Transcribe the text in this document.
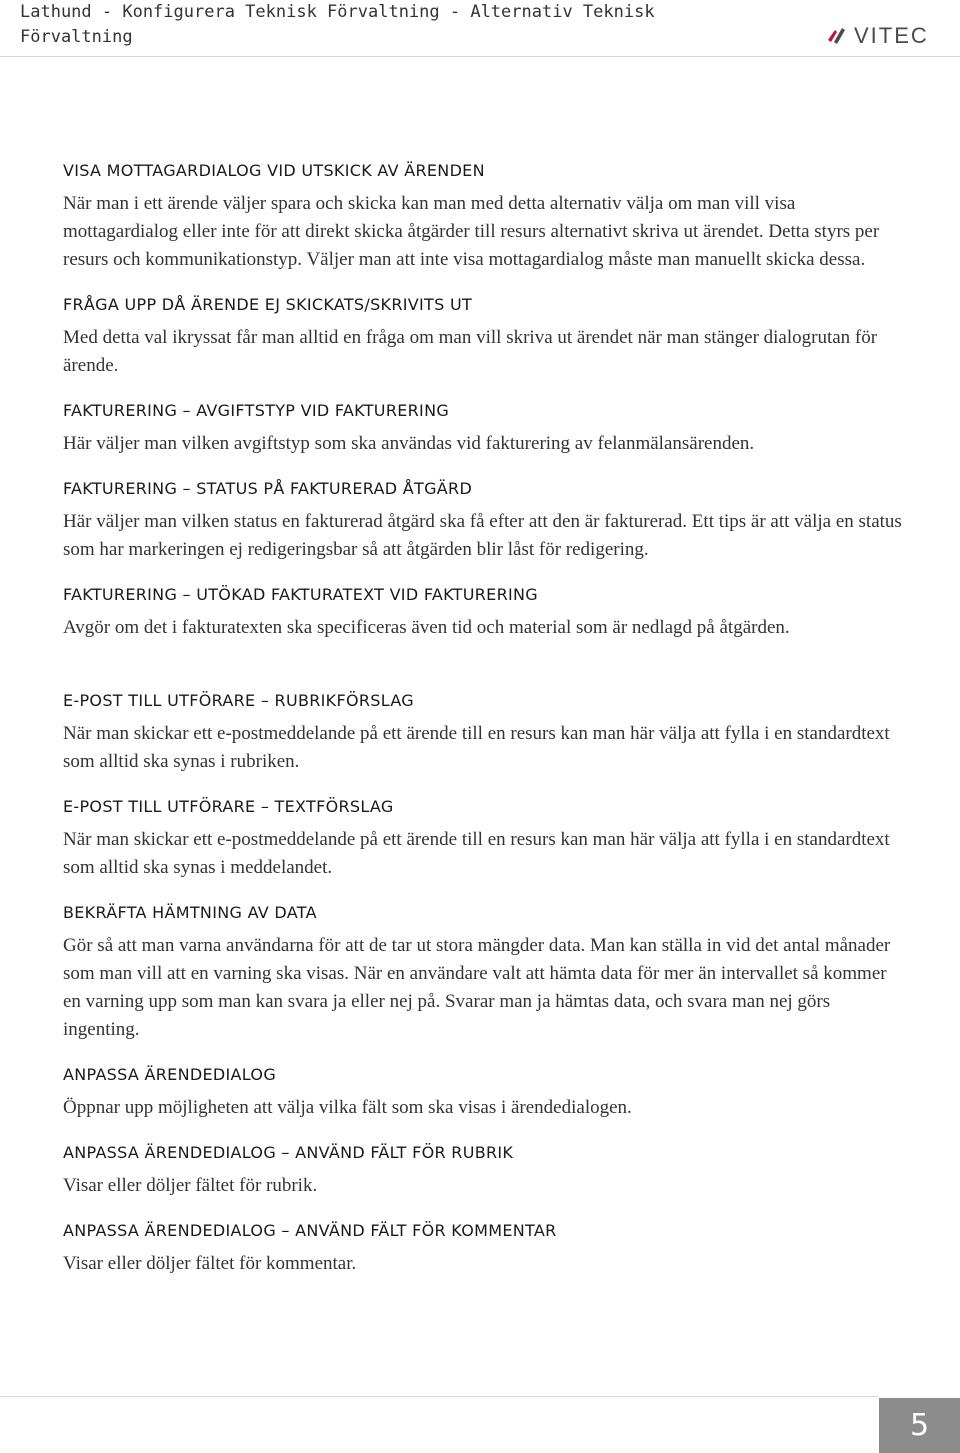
Lathund - Konfigurera Teknisk Förvaltning - Alternativ Teknisk Förvaltning	VITEC
VISA MOTTAGARDIALOG VID UTSKICK AV ÄRENDEN

När man i ett ärende väljer spara och skicka kan man med detta alternativ välja om man vill visa mottagardialog eller inte för att direkt skicka åtgärder till resurs alternativt skriva ut ärendet. Detta styrs per resurs och kommunikationstyp. Väljer man att inte visa mottagardialog måste man manuellt skicka dessa.

FRÅGA UPP DÅ ÄRENDE EJ SKICKATS/SKRIVITS UT

Med detta val ikryssat får man alltid en fråga om man vill skriva ut ärendet när man stänger dialogrutan för ärende.

FAKTURERING – AVGIFTSTYP VID FAKTURERING

Här väljer man vilken avgiftstyp som ska användas vid fakturering av felanmälansärenden.

FAKTURERING – STATUS PÅ FAKTURERAD ÅTGÄRD

Här väljer man vilken status en fakturerad åtgärd ska få efter att den är fakturerad. Ett tips är att välja en status som har markeringen ej redigeringsbar så att åtgärden blir låst för redigering.

FAKTURERING – UTÖKAD FAKTURATEXT VID FAKTURERING

Avgör om det i fakturatexten ska specificeras även tid och material som är nedlagd på åtgärden.

E-POST TILL UTFÖRARE – RUBRIKFÖRSLAG

När man skickar ett e-postmeddelande på ett ärende till en resurs kan man här välja att fylla i en standardtext som alltid ska synas i rubriken.

E-POST TILL UTFÖRARE – TEXTFÖRSLAG

När man skickar ett e-postmeddelande på ett ärende till en resurs kan man här välja att fylla i en standardtext som alltid ska synas i meddelandet.

BEKRÄFTA HÄMTNING AV DATA

Gör så att man varna användarna för att de tar ut stora mängder data. Man kan ställa in vid det antal månader som man vill att en varning ska visas. När en användare valt att hämta data för mer än intervallet så kommer en varning upp som man kan svara ja eller nej på. Svarar man ja hämtas data, och svara man nej görs ingenting.

ANPASSA ÄRENDEDIALOG

Öppnar upp möjligheten att välja vilka fält som ska visas i ärendedialogen.

ANPASSA ÄRENDEDIALOG – ANVÄND FÄLT FÖR RUBRIK

Visar eller döljer fältet för rubrik.

ANPASSA ÄRENDEDIALOG – ANVÄND FÄLT FÖR KOMMENTAR

Visar eller döljer fältet för kommentar.

5
